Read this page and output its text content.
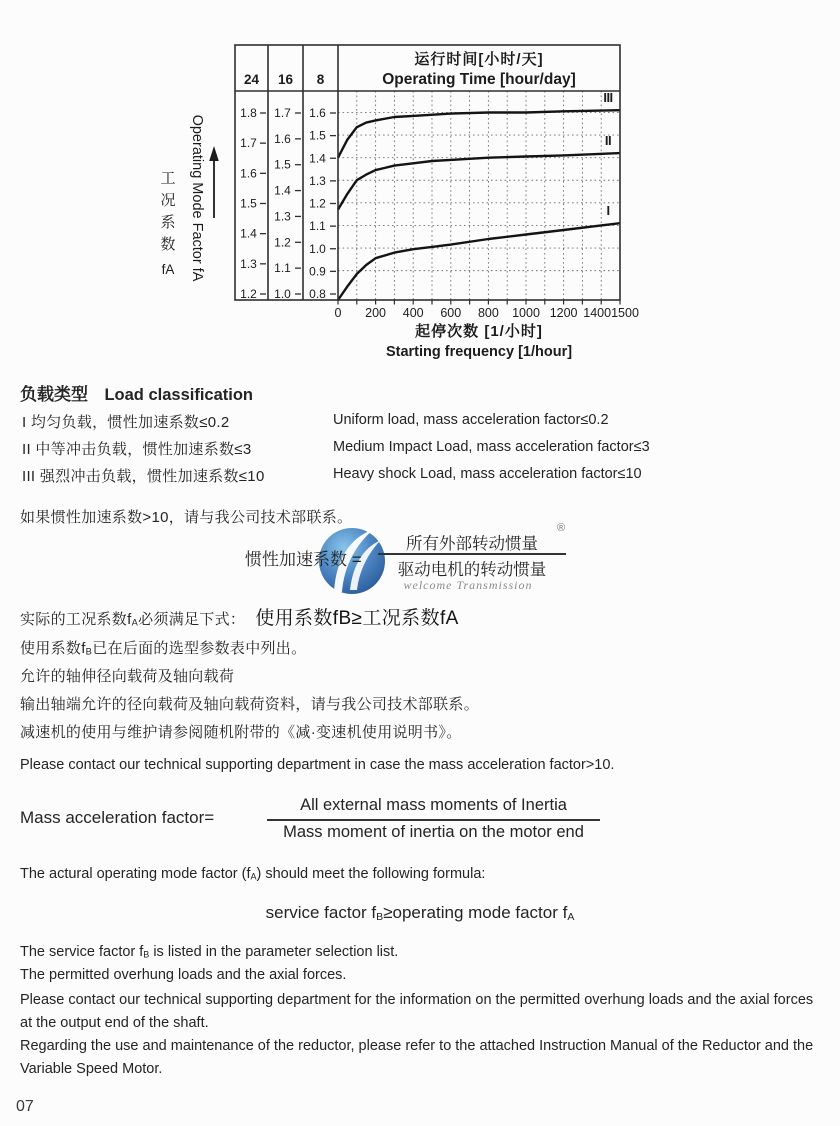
®
welcome Transmission
I
II
III
运行时间[小时/天]
Operating Time [hour/day]
24
1.8
1.7
1.6
1.5
1.4
1.3
1.2
16
1.7
1.6
1.5
1.4
1.3
1.2
1.1
1.0
8
1.6
1.5
1.4
1.3
1.2
1.1
1.0
0.9
0.8
0 200 400 600 800 1000 1200 1400 1500
起停次数 [1/小时]
Starting frequency [1/hour]
工况系数
fA Operating Mode Factor fA
负载类型 Load classification
I 均匀负载，惯性加速系数≤0.2	Uniform load, mass acceleration factor≤0.2
II 中等冲击负载，惯性加速系数≤3	Medium Impact Load, mass acceleration factor≤3
III 强烈冲击负载，惯性加速系数≤10	Heavy shock Load, mass acceleration factor≤10
如果惯性加速系数>10，请与我公司技术部联系。
惯性加速系数 =
所有外部转动惯量
驱动电机的转动惯量
实际的工况系数$f_A$必须满足下式： 使用系数fB≥工况系数fA
使用系数$f_B$已在后面的选型参数表中列出。
允许的轴伸径向载荷及轴向载荷
输出轴端允许的径向载荷及轴向载荷资料，请与我公司技术部联系。
减速机的使用与维护请参阅随机附带的《减·变速机使用说明书》。
Please contact our technical supporting department in case the mass acceleration factor>10.
Mass acceleration factor=
All external mass moments of Inertia
Mass moment of inertia on the motor end
The actural operating mode factor $(f_A)$ should meet the following formula:
service factor $f_B\ge operating$ mode factor $f_A$
The service factor $f_B$ is listed in the parameter selection list.
The permitted overhung loads and the axial forces.
Please contact our technical supporting department for the information on the permitted overhung loads and the axial forces at the output end of the shaft.
Regarding the use and maintenance of the reductor, please refer to the attached Instruction Manual of the Reductor and the Variable Speed Motor.
07
